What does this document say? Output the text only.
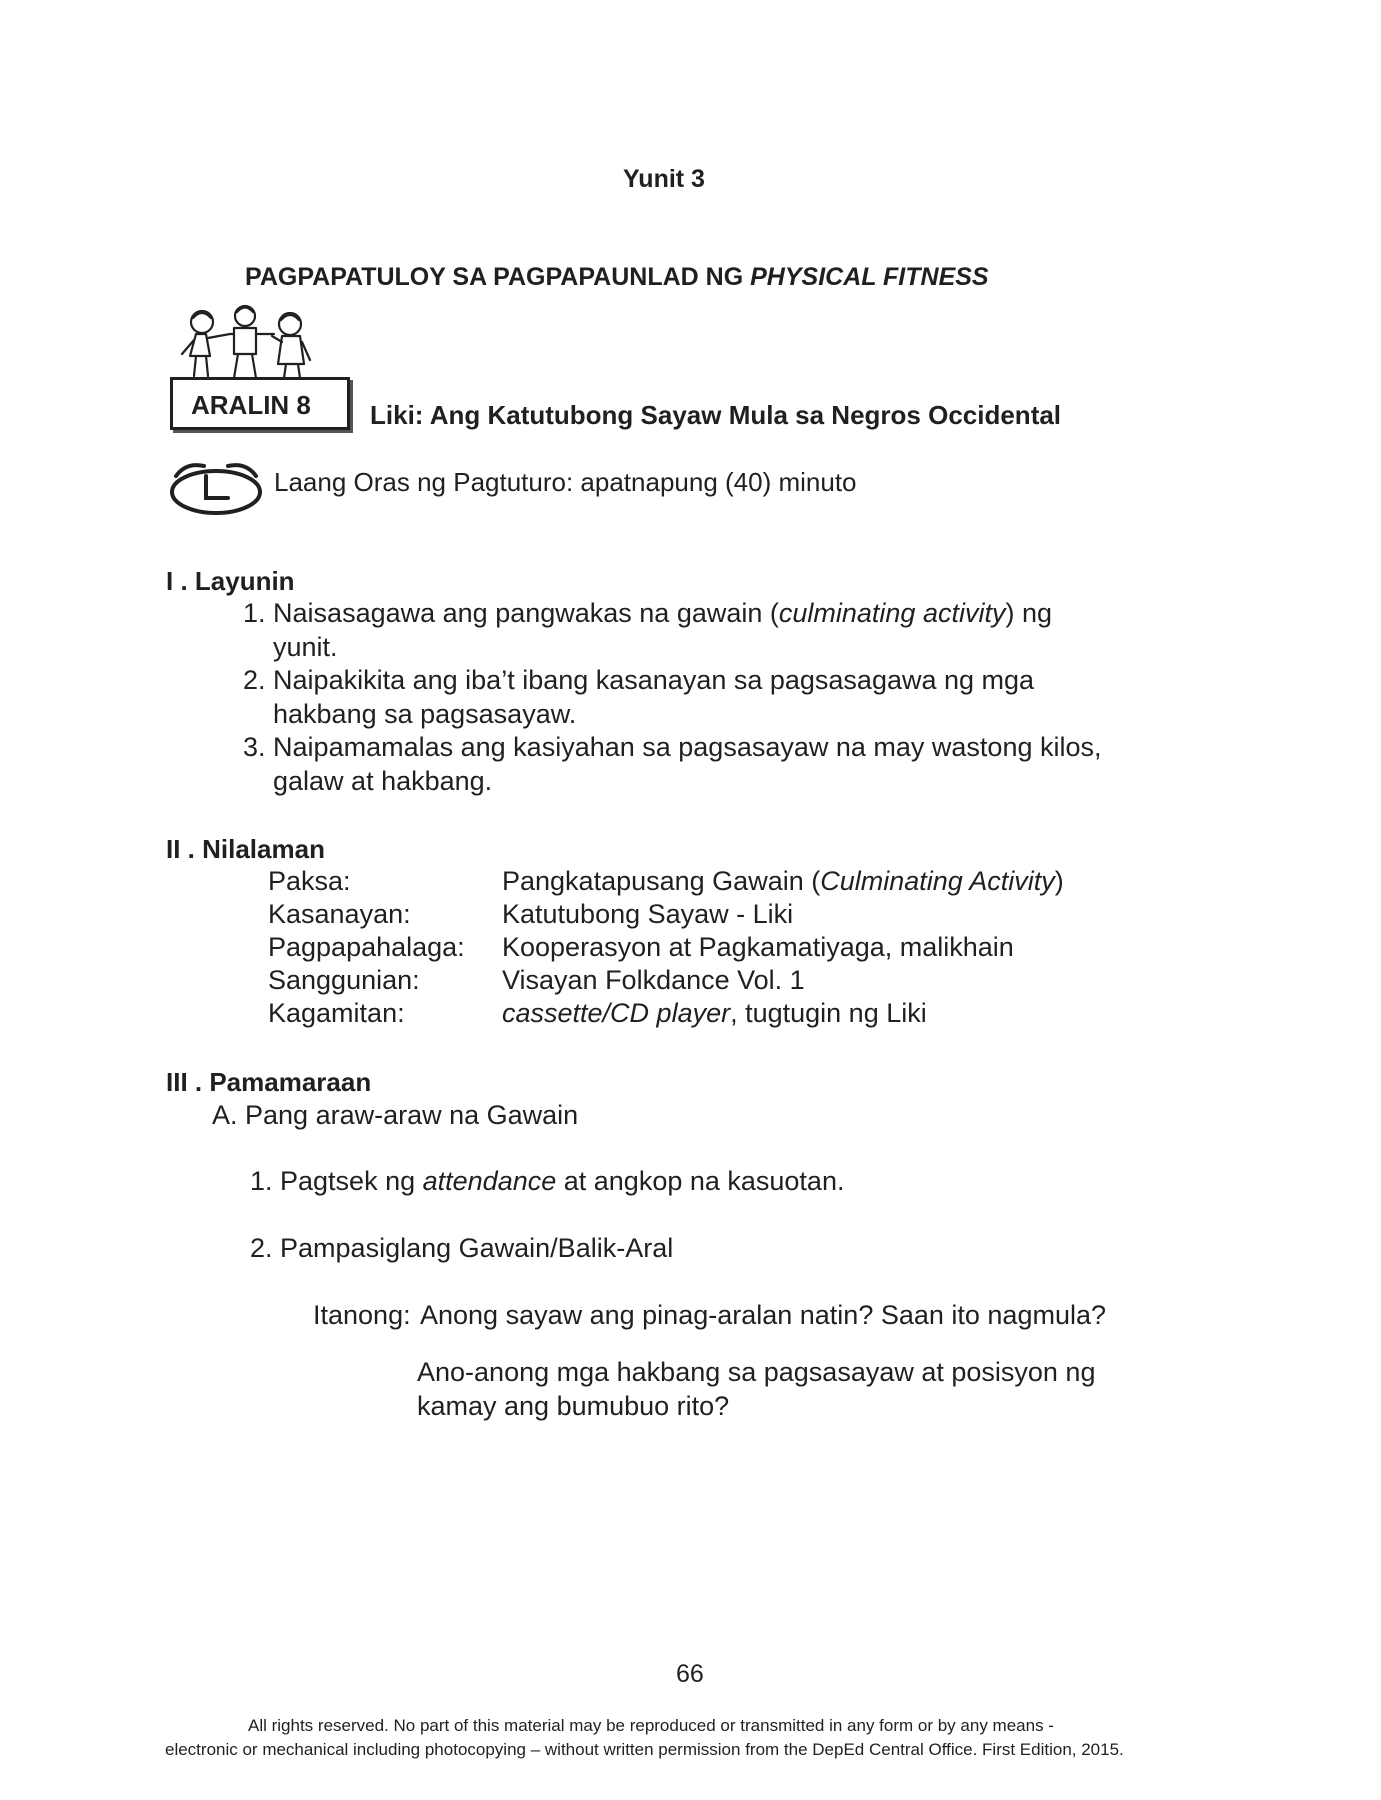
Yunit 3
PAGPAPATULOY SA PAGPAPAUNLAD NG PHYSICAL FITNESS
ARALIN 8 Liki: Ang Katutubong Sayaw Mula sa Negros Occidental
Laang Oras ng Pagtuturo: apatnapung (40) minuto
I . Layunin
1. Naisasagawa ang pangwakas na gawain (culminating activity) ng
yunit.
2. Naipakikita ang iba’t ibang kasanayan sa pagsasagawa ng mga
hakbang sa pagsasayaw.
3. Naipamamalas ang kasiyahan sa pagsasayaw na may wastong kilos,
galaw at hakbang.
II . Nilalaman
Paksa:	Pangkatapusang Gawain (Culminating Activity)
Kasanayan:	Katutubong Sayaw - Liki
Pagpapahalaga: Kooperasyon at Pagkamatiyaga, malikhain
Sanggunian:	Visayan Folkdance Vol. 1
Kagamitan:	cassette/CD player, tugtugin ng Liki
III . Pamamaraan
A. Pang araw-araw na Gawain
1. Pagtsek ng attendance at angkop na kasuotan.
2. Pampasiglang Gawain/Balik-Aral
Itanong: Anong sayaw ang pinag-aralan natin? Saan ito nagmula?
Ano-anong mga hakbang sa pagsasayaw at posisyon ng
kamay ang bumubuo rito?
66
All rights reserved. No part of this material may be reproduced or transmitted in any form or by any means -
electronic or mechanical including photocopying – without written permission from the DepEd Central Office. First Edition, 2015.
